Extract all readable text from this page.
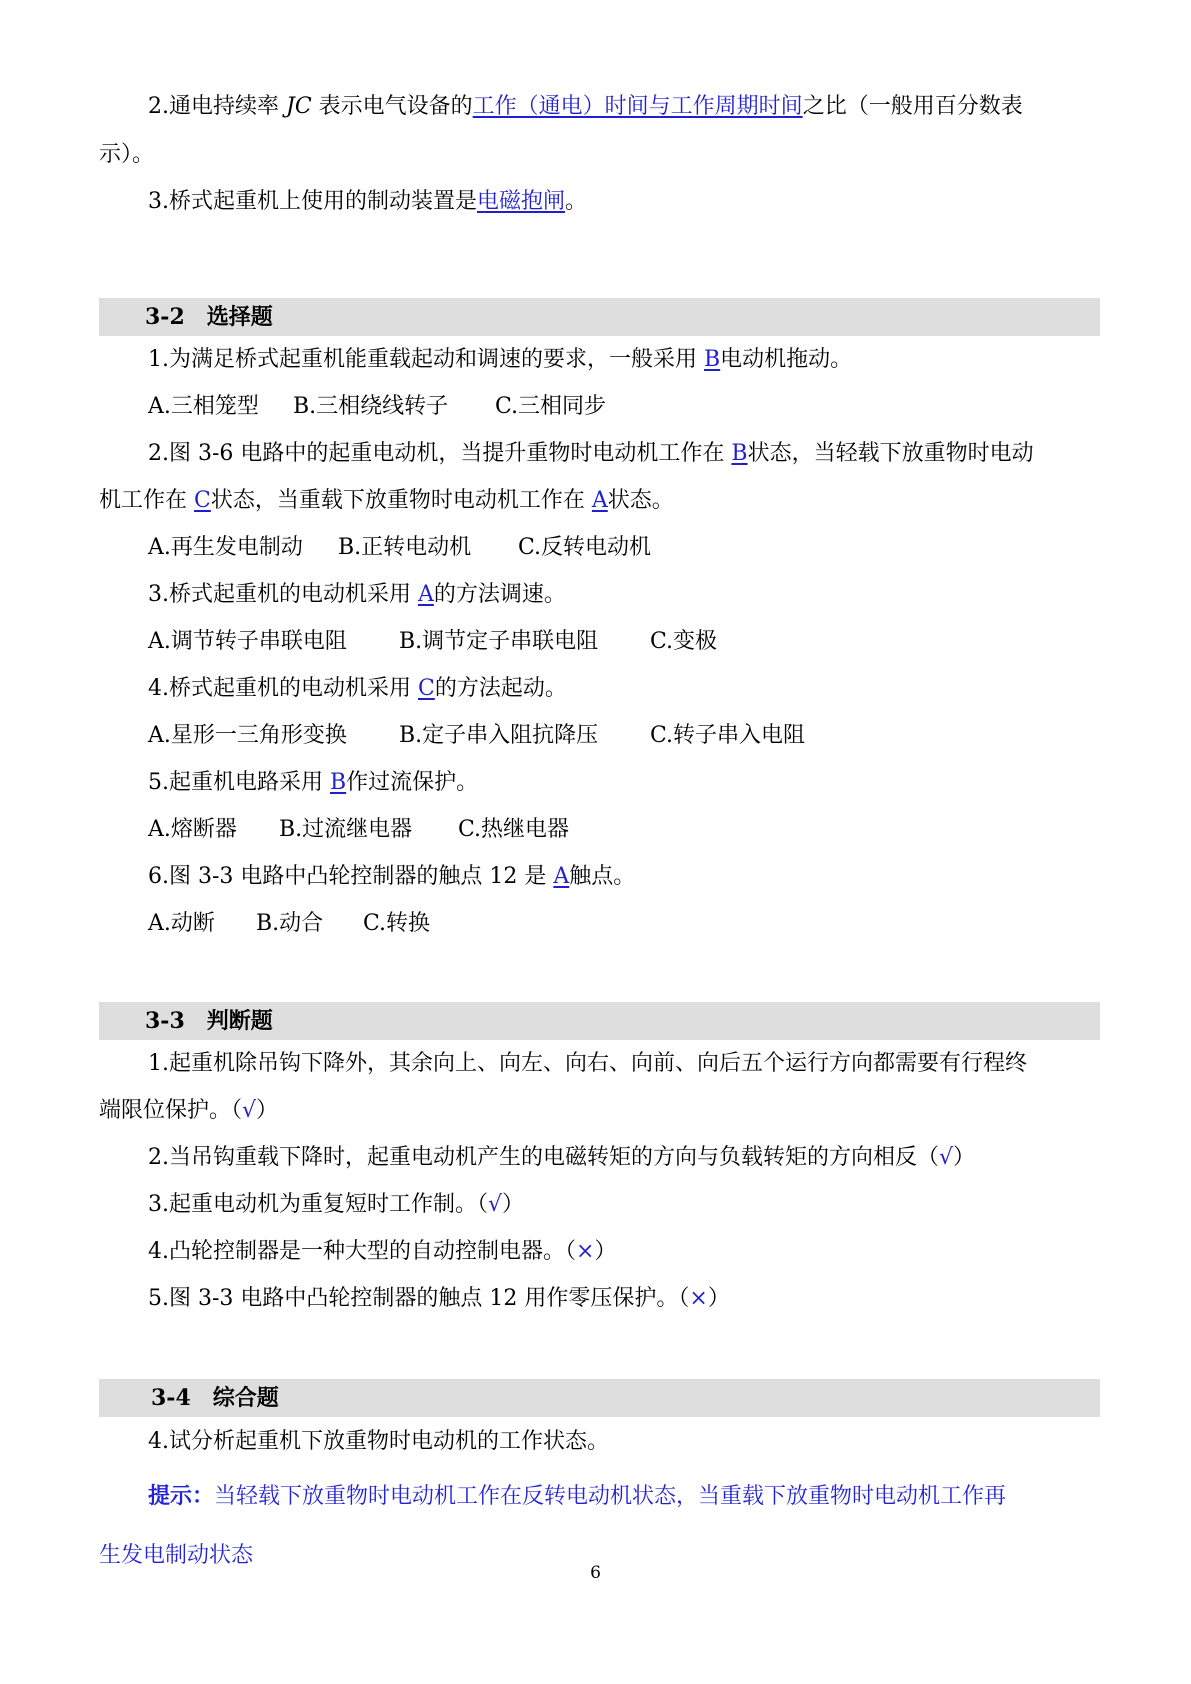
2.通电持续率 JC 表示电气设备的工作（通电）时间与工作周期时间之比（一般用百分数表
示）。
3.桥式起重机上使用的制动装置是电磁抱闸。
3-2　选择题
1.为满足桥式起重机能重载起动和调速的要求，一般采用 B电动机拖动。
A.三相笼型 B.三相绕线转子 C.三相同步
2.图 3-6 电路中的起重电动机，当提升重物时电动机工作在 B状态，当轻载下放重物时电动
机工作在 C状态，当重载下放重物时电动机工作在 A状态。
A.再生发电制动 B.正转电动机 C.反转电动机
3.桥式起重机的电动机采用 A的方法调速。
A.调节转子串联电阻 B.调节定子串联电阻 C.变极
4.桥式起重机的电动机采用 C的方法起动。
A.星形一三角形变换 B.定子串入阻抗降压 C.转子串入电阻
5.起重机电路采用 B作过流保护。
A.熔断器 B.过流继电器 C.热继电器
6.图 3-3 电路中凸轮控制器的触点 12 是 A触点。
A.动断 B.动合 C.转换
3-3　判断题
1.起重机除吊钩下降外，其余向上、向左、向右、向前、向后五个运行方向都需要有行程终
端限位保护。（√）
2.当吊钩重载下降时，起重电动机产生的电磁转矩的方向与负载转矩的方向相反（√）
3.起重电动机为重复短时工作制。（√）
4.凸轮控制器是一种大型的自动控制电器。（×）
5.图 3-3 电路中凸轮控制器的触点 12 用作零压保护。（×）
3-4　综合题
4.试分析起重机下放重物时电动机的工作状态。
提示：当轻载下放重物时电动机工作在反转电动机状态，当重载下放重物时电动机工作再
生发电制动状态
6
